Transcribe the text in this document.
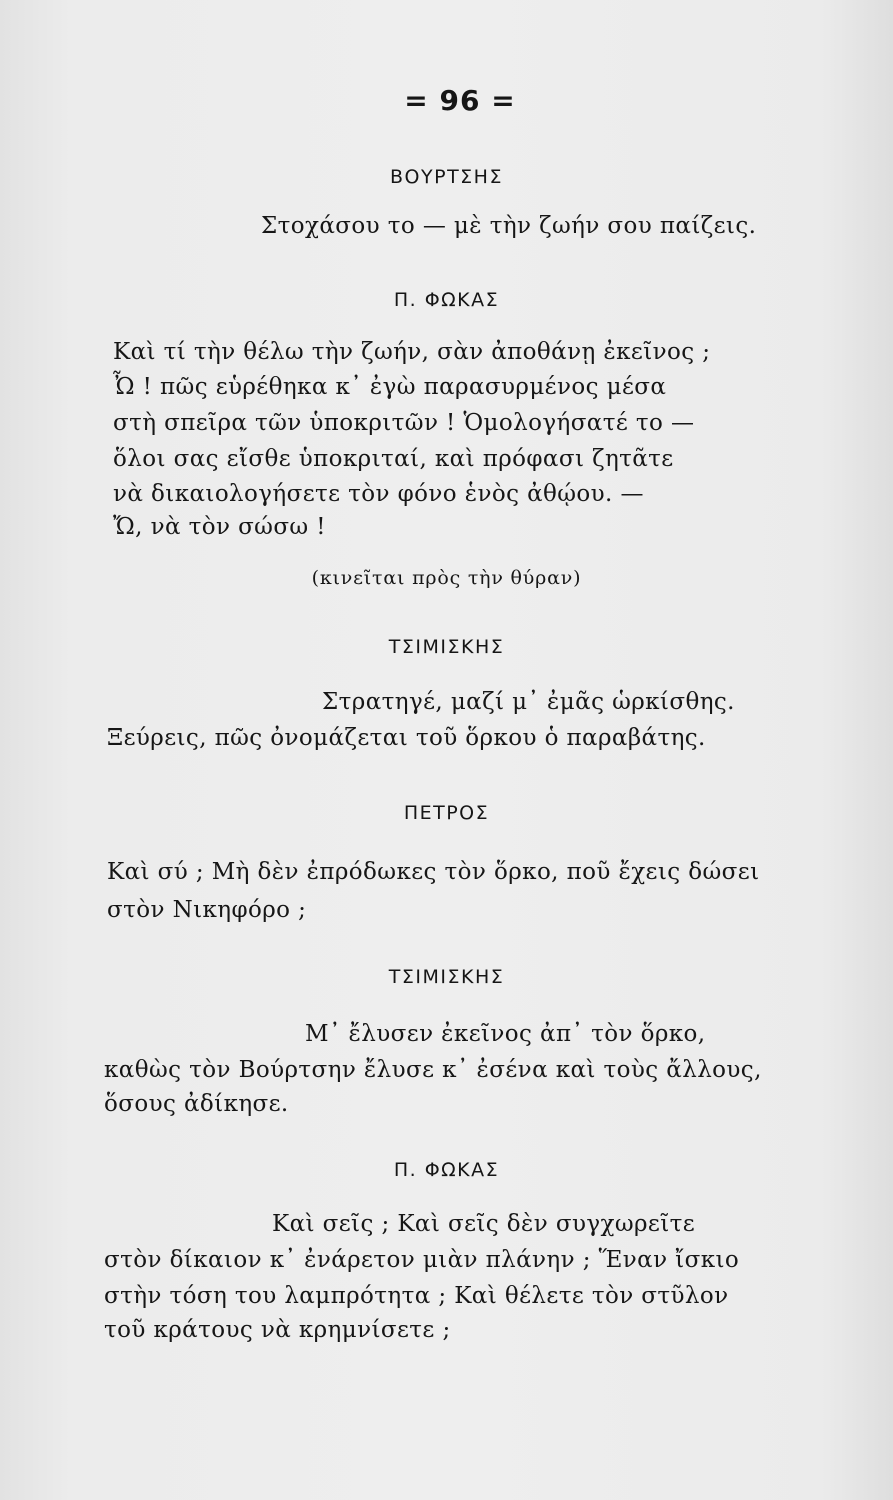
= 96 =
ΒΟΥΡΤΣΗΣ
Στοχάσου το — μὲ τὴν ζωήν σου παίζεις.
Π. ΦΩΚΑΣ
Καὶ τί τὴν θέλω τὴν ζωήν, σὰν ἀποθάνῃ ἐκεῖνος ;
Ὦ ! πῶς εὑρέθηκα κ᾽ ἐγὼ παρασυρμένος μέσα
στὴ σπεῖρα τῶν ὑποκριτῶν ! Ὁμολογήσατέ το —
ὅλοι σας εἴσθε ὑποκριταί, καὶ πρόφασι ζητᾶτε
νὰ δικαιολογήσετε τὸν φόνο ἑνὸς ἀθῴου. —
Ὤ, νὰ τὸν σώσω !
(κινεῖται πρὸς τὴν θύραν)
ΤΣΙΜΙΣΚΗΣ
Στρατηγέ, μαζί μ᾽ ἐμᾶς ὡρκίσθης.
Ξεύρεις, πῶς ὀνομάζεται τοῦ ὅρκου ὁ παραβάτης.
ΠΕΤΡΟΣ
Καὶ σύ ; Μὴ δὲν ἐπρόδωκες τὸν ὅρκο, ποῦ ἔχεις δώσει
στὸν Νικηφόρο ;
ΤΣΙΜΙΣΚΗΣ
Μ᾽ ἔλυσεν ἐκεῖνος ἀπ᾽ τὸν ὅρκο,
καθὼς τὸν Βούρτσην ἔλυσε κ᾽ ἐσένα καὶ τοὺς ἄλλους,
ὅσους ἀδίκησε.
Π. ΦΩΚΑΣ
Καὶ σεῖς ; Καὶ σεῖς δὲν συγχωρεῖτε
στὸν δίκαιον κ᾽ ἐνάρετον μιὰν πλάνην ; Ἕναν ἴσκιο
στὴν τόση του λαμπρότητα ; Καὶ θέλετε τὸν στῦλον
τοῦ κράτους νὰ κρημνίσετε ;
